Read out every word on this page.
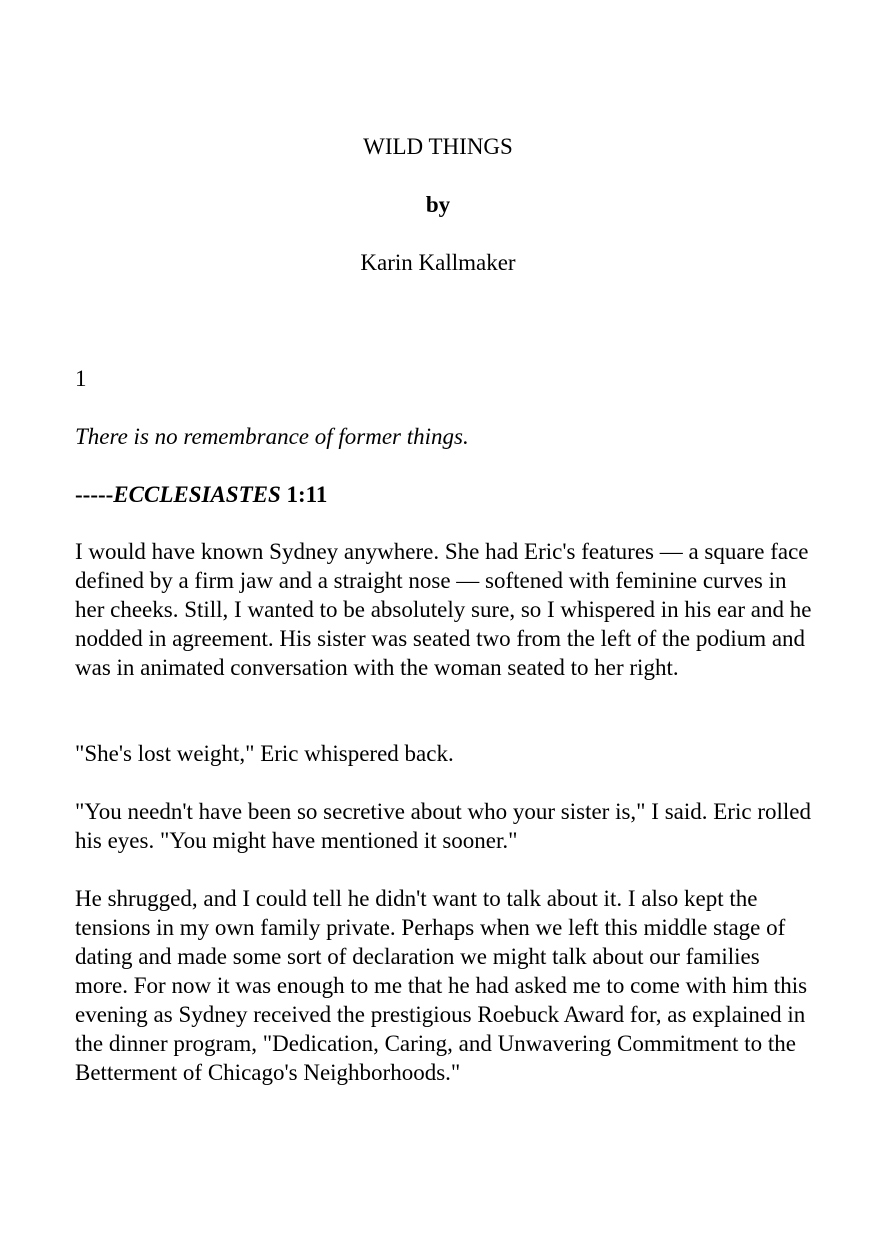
WILD THINGS

by

Karin Kallmaker

1

There is no remembrance of former things.

-----ECCLESIASTES 1:11

I would have known Sydney anywhere. She had Eric's features — a square face defined by a firm jaw and a straight nose — softened with feminine curves in her cheeks. Still, I wanted to be absolutely sure, so I whispered in his ear and he nodded in agreement. His sister was seated two from the left of the podium and was in animated conversation with the woman seated to her right.

"She's lost weight," Eric whispered back.

"You needn't have been so secretive about who your sister is," I said. Eric rolled his eyes. "You might have mentioned it sooner."

He shrugged, and I could tell he didn't want to talk about it. I also kept the tensions in my own family private. Perhaps when we left this middle stage of dating and made some sort of declaration we might talk about our families more. For now it was enough to me that he had asked me to come with him this evening as Sydney received the prestigious Roebuck Award for, as explained in the dinner program, "Dedication, Caring, and Unwavering Commitment to the Betterment of Chicago's Neighborhoods."
